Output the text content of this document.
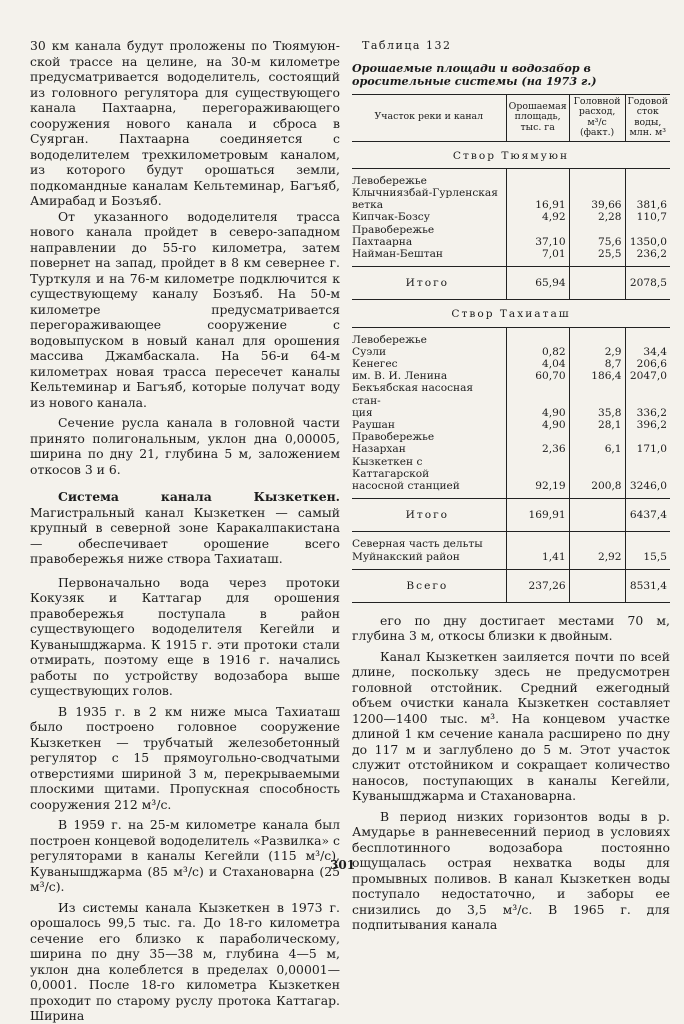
30 км канала будут проложены по Тюямуюн-ской трассе на целине, на 30-м километре предусматривается вододелитель, состоящий из головного регулятора для существующего канала Пахтаарна, перегораживающего сооружения нового канала и сброса в Суярган. Пахтаарна соединяется с вододелителем трехкилометровым каналом, из которого будут орошаться земли, подкомандные каналам Кельтеминар, Багъяб, Амирабад и Бозъяб.

От указанного вододелителя трасса нового канала пройдет в северо-западном направлении до 55-го километра, затем повернет на запад, пройдет в 8 км севернее г. Турткуля и на 76-м километре подключится к существующему каналу Бозъяб. На 50-м километре предусматривается перегораживающее сооружение с водовыпуском в новый канал для орошения массива Джамбаскала. На 56-и 64-м километрах новая трасса пересечет каналы Кельтеминар и Багъяб, которые получат воду из нового канала.

Сечение русла канала в головной части принято полигональным, уклон дна 0,00005, ширина по дну 21, глубина 5 м, заложением откосов 3 и 6.

Система канала Кызкеткен. Магистральный канал Кызкеткен — самый крупный в северной зоне Каракалпакистана — обеспечивает орошение всего правобережья ниже створа Тахиаташ.

Первоначально вода через протоки Кокузяк и Каттагар для орошения правобережья поступала в район существующего вододелителя Кегейли и Куванышджарма. К 1915 г. эти протоки стали отмирать, поэтому еще в 1916 г. начались работы по устройству водозабора выше существующих голов.

В 1935 г. в 2 км ниже мыса Тахиаташ было построено головное сооружение Кызкеткен — трубчатый железобетонный регулятор с 15 прямоугольно-сводчатыми отверстиями шириной 3 м, перекрываемыми плоскими щитами. Пропускная способность сооружения 212 м³/с.

В 1959 г. на 25-м километре канала был построен концевой вододелитель «Развилка» с регуляторами в каналы Кегейли (115 м³/с), Куванышджарма (85 м³/с) и Стахановарна (25 м³/с).

Из системы канала Кызкеткен в 1973 г. орошалось 99,5 тыс. га. До 18-го километра сечение его близко к параболическому, ширина по дну 35—38 м, глубина 4—5 м, уклон дна колеблется в пределах 0,00001—0,0001. После 18-го километра Кызкеткен проходит по старому руслу протока Каттагар. Ширина

Таблица 132
Орошаемые площади и водозабор в оросительные системы (на 1973 г.)
Участок реки и канал	Орошаемая площадь, тыс. га	Головной расход, м³/с (факт.)	Годовой сток воды, млн. м³
Створ Тюямуюн			

Левобережье			
Клычниязбай-Гурленская			
ветка	16,91	39,66	381,6
Кипчак-Бозсу	4,92	2,28	110,7
Правобережье			
Пахтаарна	37,10	75,6	1350,0
Найман-Бештан	7,01	25,5	236,2

Итого	65,94		2078,5
Створ Тахиаташ			

Левобережье			
Суэли	0,82	2,9	34,4
Кенегес	4,04	8,7	206,6
им. В. И. Ленина	60,70	186,4	2047,0
Бекъябская насосная стан-			
ция	4,90	35,8	336,2
Раушан	4,90	28,1	396,2
Правобережье			
Назархан	2,36	6,1	171,0
Кызкеткен с Каттагарской			
насосной станцией	92,19	200,8	3246,0

Итого	169,91		6437,4

Северная часть дельты			
Муйнакский район	1,41	2,92	15,5

Всего	237,26		8531,4

его по дну достигает местами 70 м, глубина 3 м, откосы близки к двойным.

Канал Кызкеткен заиляется почти по всей длине, поскольку здесь не предусмотрен головной отстойник. Средний ежегодный объем очистки канала Кызкеткен составляет 1200—1400 тыс. м³. На концевом участке длиной 1 км сечение канала расширено по дну до 117 м и заглублено до 5 м. Этот участок служит отстойником и сокращает количество наносов, поступающих в каналы Кегейли, Куванышджарма и Стахановарна.

В период низких горизонтов воды в р. Амударье в ранневесенний период в условиях бесплотинного водозабора постоянно ощущалась острая нехватка воды для промывных поливов. В канал Кызкеткен воды поступало недостаточно, и заборы ее снизились до 3,5 м³/с. В 1965 г. для подпитывания канала

301
